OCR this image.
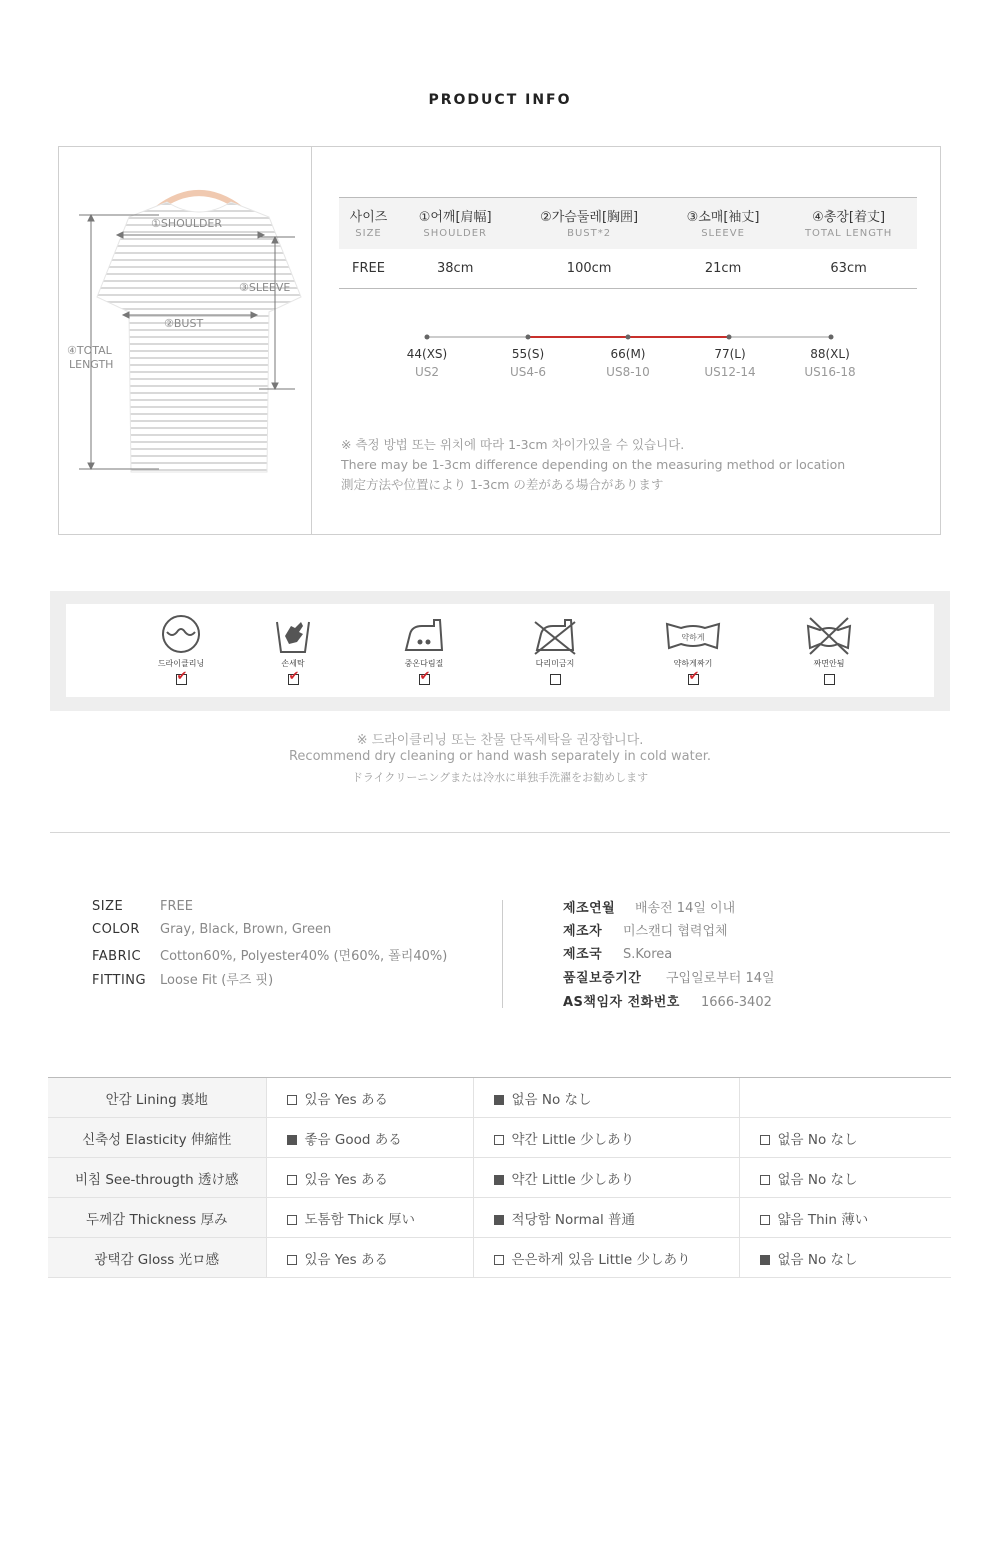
PRODUCT INFO
①SHOULDER
③SLEEVE
②BUST
④TOTAL
LENGTH
사이즈	①어깨[肩幅]	②가슴둘레[胸囲]	③소매[袖丈]	④총장[着丈]
SIZE	SHOULDER	BUST*2	SLEEVE	TOTAL LENGTH
FREE	38cm	100cm	21cm	63cm
44(XS)
US2
55(S)
US4-6
66(M)
US8-10
77(L)
US12-14
88(XL)
US16-18
※ 측정 방법 또는 위치에 따라 1-3cm 차이가있을 수 있습니다.
There may be 1-3cm difference depending on the measuring method or location
測定方法や位置により 1-3cm の差がある場合があります
드라이클리닝
✔	손세탁
✔	중온다림질
✔	다리미금지
약하게
약하게짜기
✔	짜면안됨
※ 드라이클리닝 또는 찬물 단독세탁을 권장합니다.
Recommend dry cleaning or hand wash separately in cold water.
ドライクリーニングまたは冷水に単独手洗濯をお勧めします
SIZE	FREE
COLOR Gray, Black, Brown, Green
FABRIC Cotton60%, Polyester40% (면60%, 폴리40%)
FITTING Loose Fit (루즈 핏)
제조연월 배송전 14일 이내
제조자 미스캔디 협력업체
제조국 S.Korea
품질보증기간 구입일로부터 14일
AS책임자 전화번호 1666-3402
안감 Lining 裏地	있음 Yes ある	없음 No なし	
신축성 Elasticity 伸縮性	좋음 Good ある	약간 Little 少しあり	없음 No なし
비침 See-througth 透け感	있음 Yes ある	약간 Little 少しあり	없음 No なし
두께감 Thickness 厚み	도톰함 Thick 厚い	적당함 Normal 普通	얇음 Thin 薄い
광택감 Gloss 光ロ感	있음 Yes ある	은은하게 있음 Little 少しあり	없음 No なし
